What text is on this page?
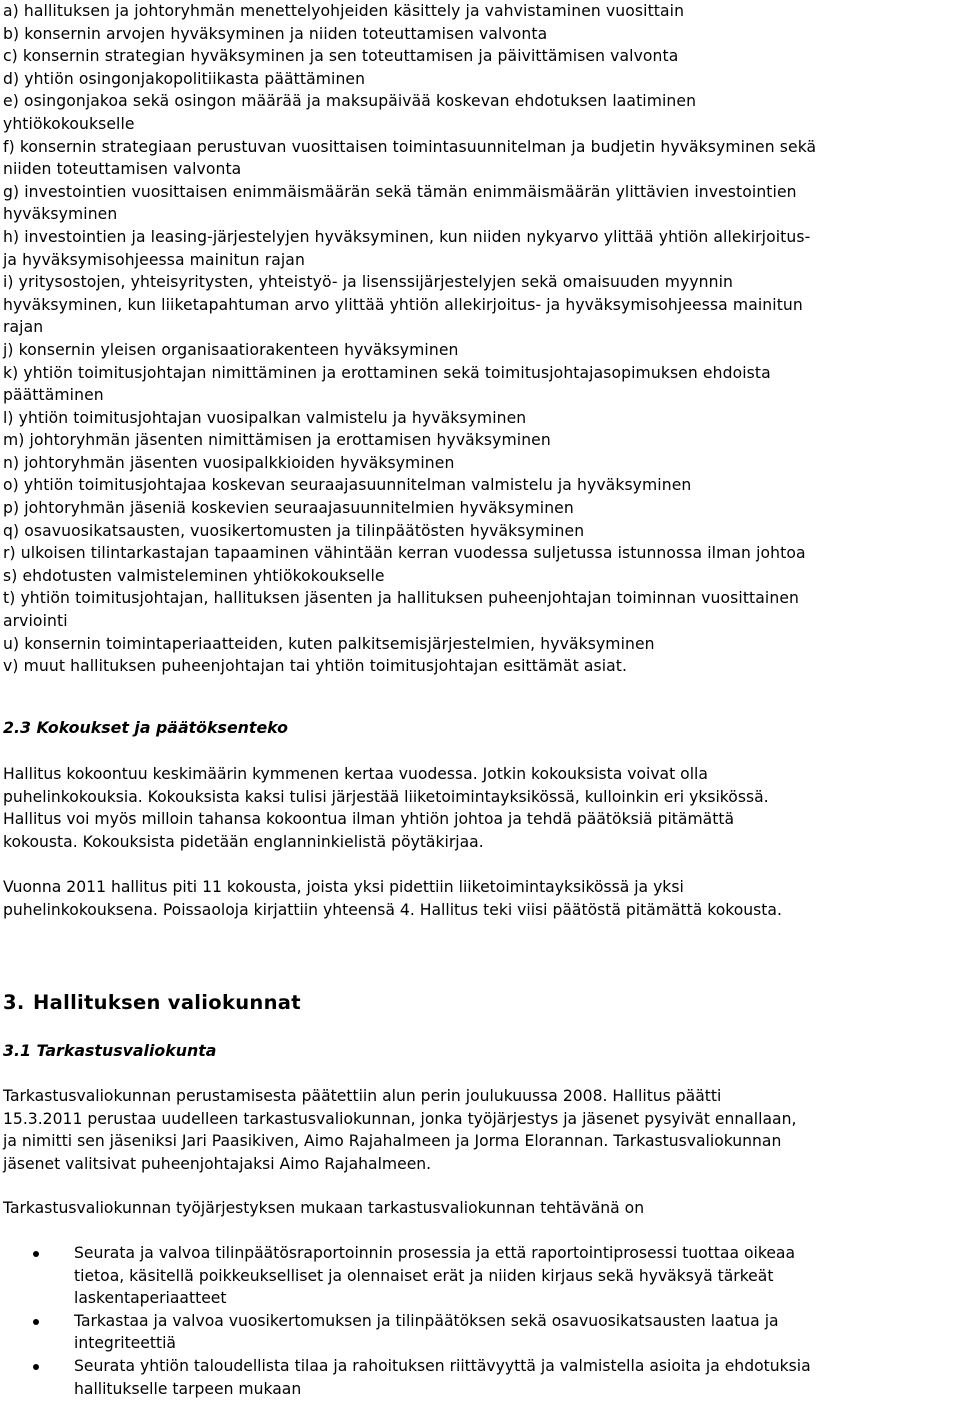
a) hallituksen ja johtoryhmän menettelyohjeiden käsittely ja vahvistaminen vuosittain
b) konsernin arvojen hyväksyminen ja niiden toteuttamisen valvonta
c) konsernin strategian hyväksyminen ja sen toteuttamisen ja päivittämisen valvonta
d) yhtiön osingonjakopolitiikasta päättäminen
e) osingonjakoa sekä osingon määrää ja maksupäivää koskevan ehdotuksen laatiminen
yhtiökokoukselle
f) konsernin strategiaan perustuvan vuosittaisen toimintasuunnitelman ja budjetin hyväksyminen sekä
niiden toteuttamisen valvonta
g) investointien vuosittaisen enimmäismäärän sekä tämän enimmäismäärän ylittävien investointien
hyväksyminen
h) investointien ja leasing-järjestelyjen hyväksyminen, kun niiden nykyarvo ylittää yhtiön allekirjoitus-
ja hyväksymisohjeessa mainitun rajan
i) yritysostojen, yhteisyritysten, yhteistyö- ja lisenssijärjestelyjen sekä omaisuuden myynnin
hyväksyminen, kun liiketapahtuman arvo ylittää yhtiön allekirjoitus- ja hyväksymisohjeessa mainitun
rajan
j) konsernin yleisen organisaatiorakenteen hyväksyminen
k) yhtiön toimitusjohtajan nimittäminen ja erottaminen sekä toimitusjohtajasopimuksen ehdoista
päättäminen
l) yhtiön toimitusjohtajan vuosipalkan valmistelu ja hyväksyminen
m) johtoryhmän jäsenten nimittämisen ja erottamisen hyväksyminen
n) johtoryhmän jäsenten vuosipalkkioiden hyväksyminen
o) yhtiön toimitusjohtajaa koskevan seuraajasuunnitelman valmistelu ja hyväksyminen
p) johtoryhmän jäseniä koskevien seuraajasuunnitelmien hyväksyminen
q) osavuosikatsausten, vuosikertomusten ja tilinpäätösten hyväksyminen
r) ulkoisen tilintarkastajan tapaaminen vähintään kerran vuodessa suljetussa istunnossa ilman johtoa
s) ehdotusten valmisteleminen yhtiökokoukselle
t) yhtiön toimitusjohtajan, hallituksen jäsenten ja hallituksen puheenjohtajan toiminnan vuosittainen
arviointi
u) konsernin toimintaperiaatteiden, kuten palkitsemisjärjestelmien, hyväksyminen
v) muut hallituksen puheenjohtajan tai yhtiön toimitusjohtajan esittämät asiat.
2.3 Kokoukset ja päätöksenteko
Hallitus kokoontuu keskimäärin kymmenen kertaa vuodessa. Jotkin kokouksista voivat olla
puhelinkokouksia. Kokouksista kaksi tulisi järjestää liiketoimintayksikössä, kulloinkin eri yksikössä.
Hallitus voi myös milloin tahansa kokoontua ilman yhtiön johtoa ja tehdä päätöksiä pitämättä
kokousta. Kokouksista pidetään englanninkielistä pöytäkirjaa.
Vuonna 2011 hallitus piti 11 kokousta, joista yksi pidettiin liiketoimintayksikössä ja yksi
puhelinkokouksena. Poissaoloja kirjattiin yhteensä 4. Hallitus teki viisi päätöstä pitämättä kokousta.
3. Hallituksen valiokunnat
3.1 Tarkastusvaliokunta
Tarkastusvaliokunnan perustamisesta päätettiin alun perin joulukuussa 2008. Hallitus päätti
15.3.2011 perustaa uudelleen tarkastusvaliokunnan, jonka työjärjestys ja jäsenet pysyivät ennallaan,
ja nimitti sen jäseniksi Jari Paasikiven, Aimo Rajahalmeen ja Jorma Elorannan. Tarkastusvaliokunnan
jäsenet valitsivat puheenjohtajaksi Aimo Rajahalmeen.
Tarkastusvaliokunnan työjärjestyksen mukaan tarkastusvaliokunnan tehtävänä on
Seurata ja valvoa tilinpäätösraportoinnin prosessia ja että raportointiprosessi tuottaa oikeaa
tietoa, käsitellä poikkeukselliset ja olennaiset erät ja niiden kirjaus sekä hyväksyä tärkeät
laskentaperiaatteet
Tarkastaa ja valvoa vuosikertomuksen ja tilinpäätöksen sekä osavuosikatsausten laatua ja
integriteettiä
Seurata yhtiön taloudellista tilaa ja rahoituksen riittävyyttä ja valmistella asioita ja ehdotuksia
hallitukselle tarpeen mukaan
